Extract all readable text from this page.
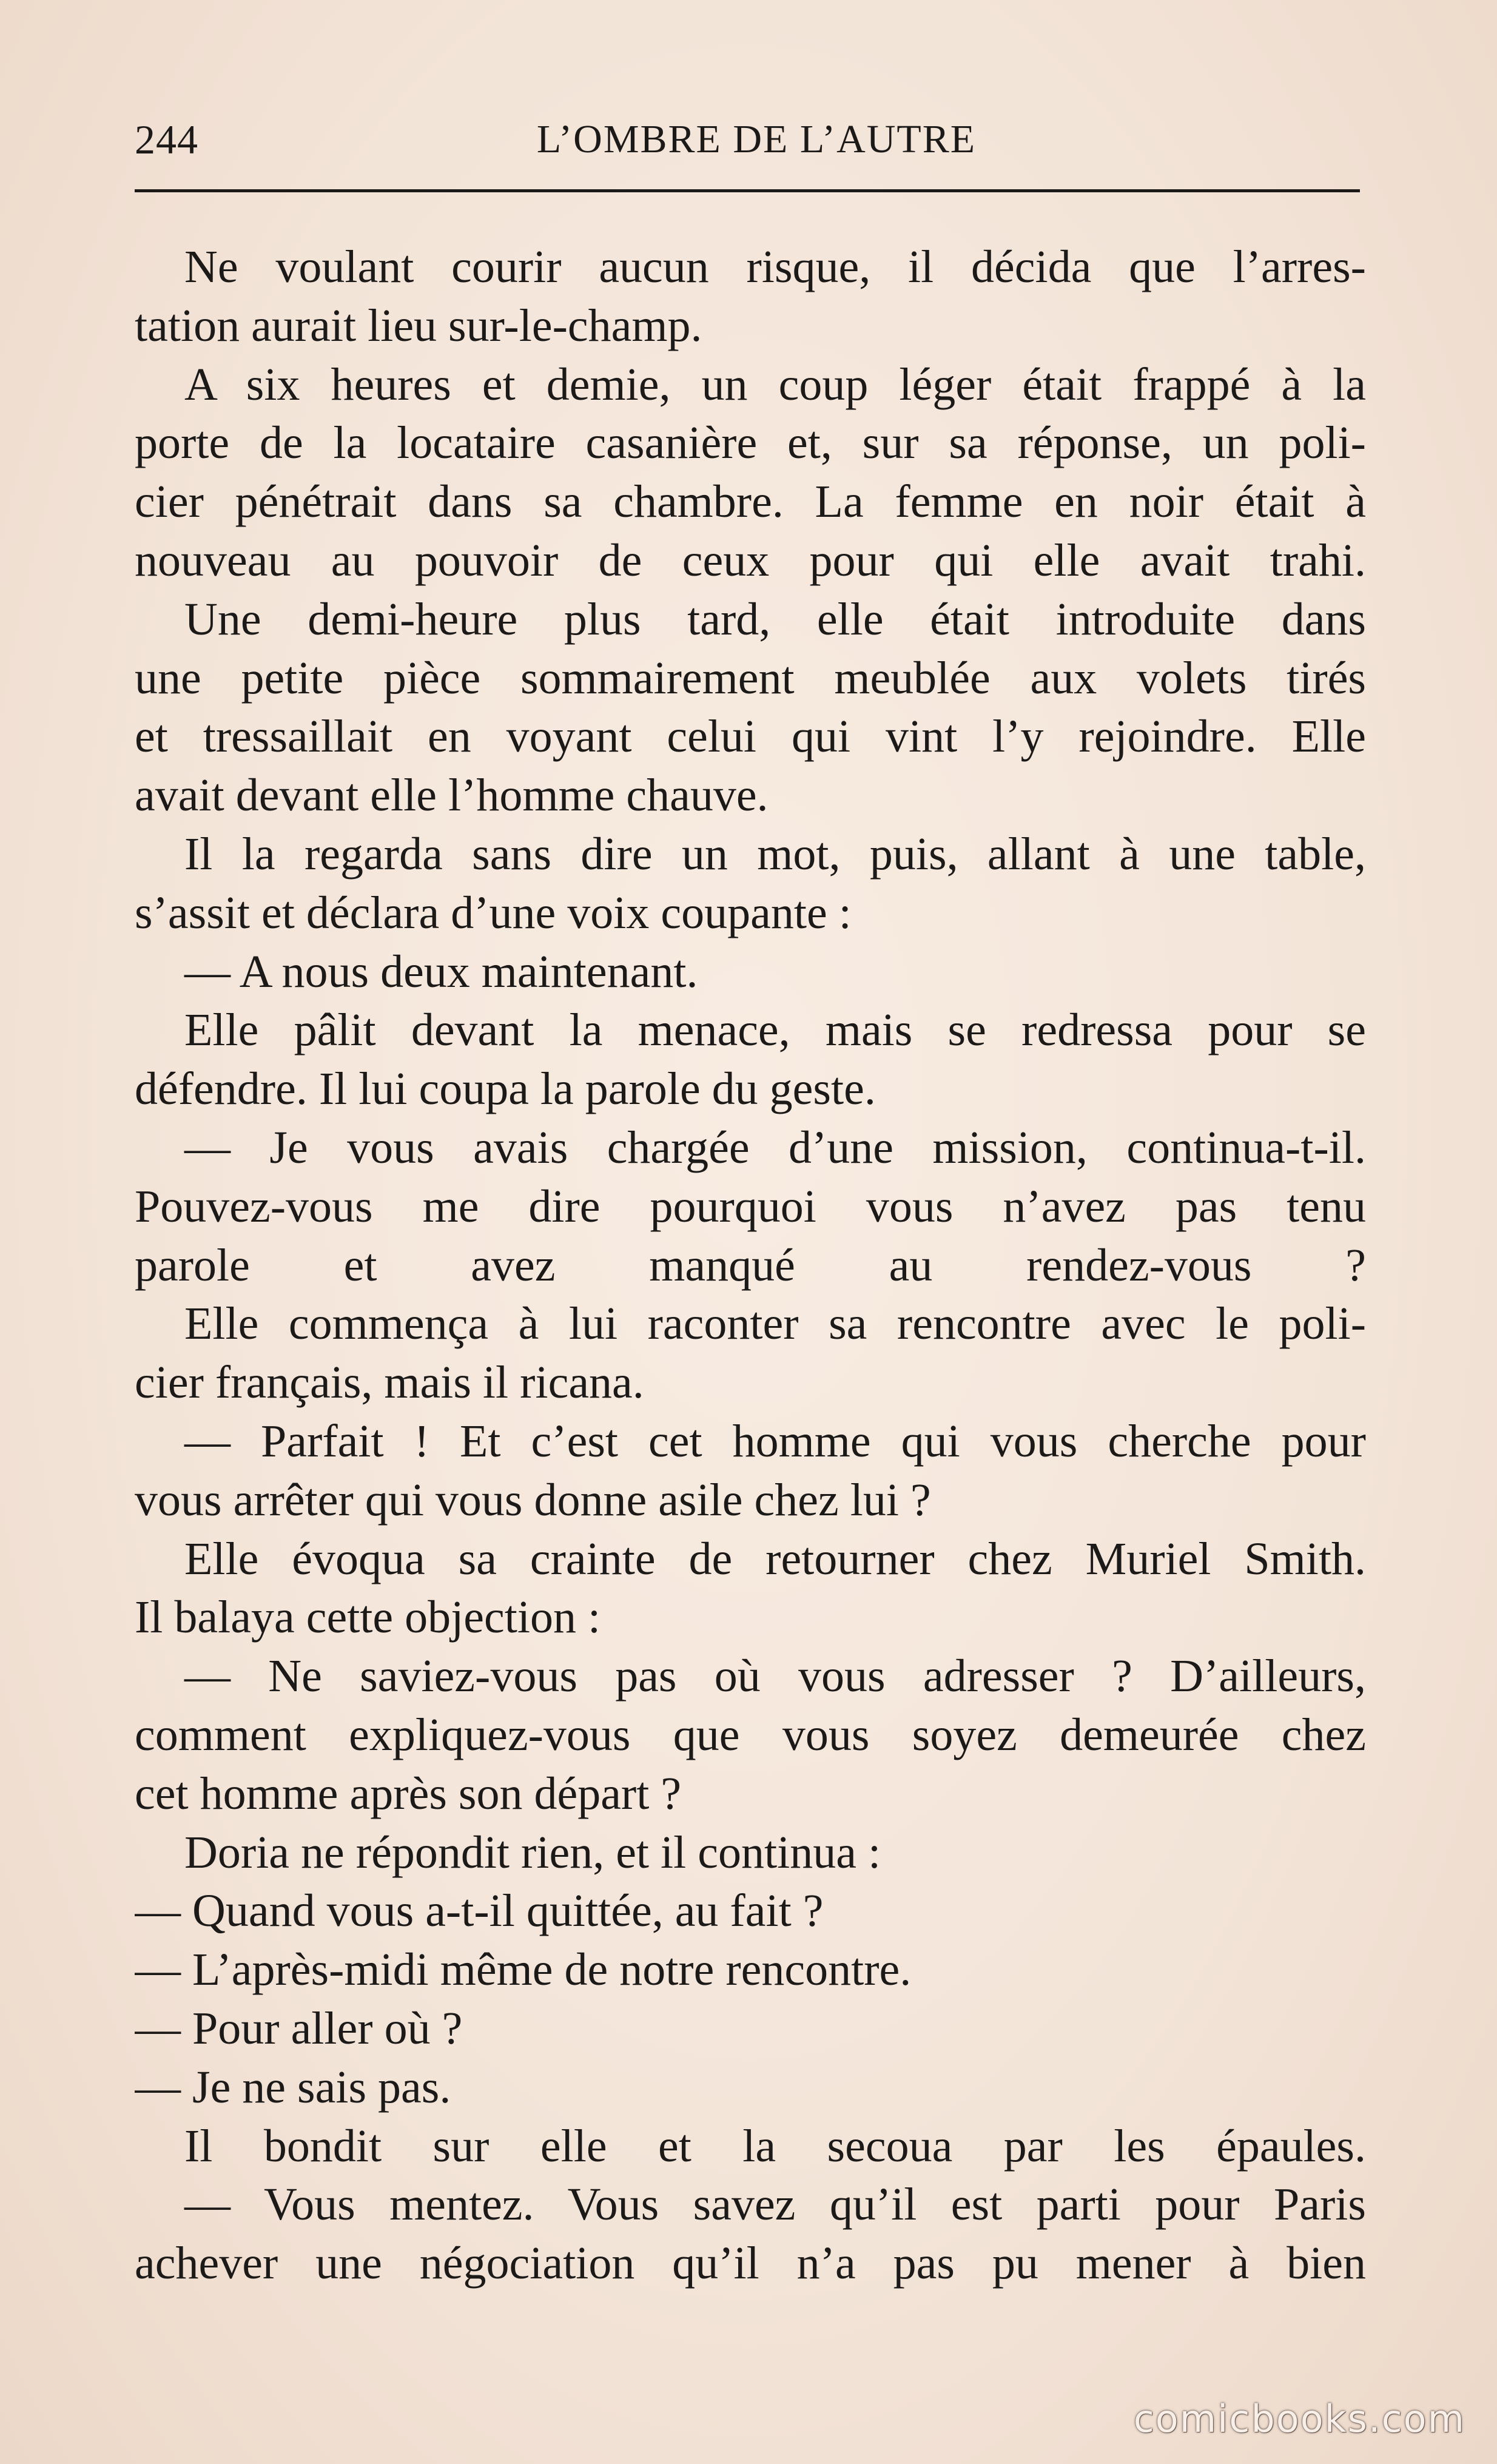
244	L’OMBRE DE L’AUTRE
Ne voulant courir aucun risque, il décida que l’arres-
tation aurait lieu sur-le-champ.
A six heures et demie, un coup léger était frappé à la
porte de la locataire casanière et, sur sa réponse, un poli-
cier pénétrait dans sa chambre. La femme en noir était à
nouveau au pouvoir de ceux pour qui elle avait trahi.
Une demi-heure plus tard, elle était introduite dans
une petite pièce sommairement meublée aux volets tirés
et tressaillait en voyant celui qui vint l’y rejoindre. Elle
avait devant elle l’homme chauve.
Il la regarda sans dire un mot, puis, allant à une table,
s’assit et déclara d’une voix coupante :
— A nous deux maintenant.
Elle pâlit devant la menace, mais se redressa pour se
défendre. Il lui coupa la parole du geste.
— Je vous avais chargée d’une mission, continua-t-il.
Pouvez-vous me dire pourquoi vous n’avez pas tenu
parole et avez manqué au rendez-vous ?
Elle commença à lui raconter sa rencontre avec le poli-
cier français, mais il ricana.
— Parfait ! Et c’est cet homme qui vous cherche pour
vous arrêter qui vous donne asile chez lui ?
Elle évoqua sa crainte de retourner chez Muriel Smith.
Il balaya cette objection :
— Ne saviez-vous pas où vous adresser ? D’ailleurs,
comment expliquez-vous que vous soyez demeurée chez
cet homme après son départ ?
Doria ne répondit rien, et il continua :
— Quand vous a-t-il quittée, au fait ?
— L’après-midi même de notre rencontre.
— Pour aller où ?
— Je ne sais pas.
Il bondit sur elle et la secoua par les épaules.
— Vous mentez. Vous savez qu’il est parti pour Paris
achever une négociation qu’il n’a pas pu mener à bien
comicbooks.com
